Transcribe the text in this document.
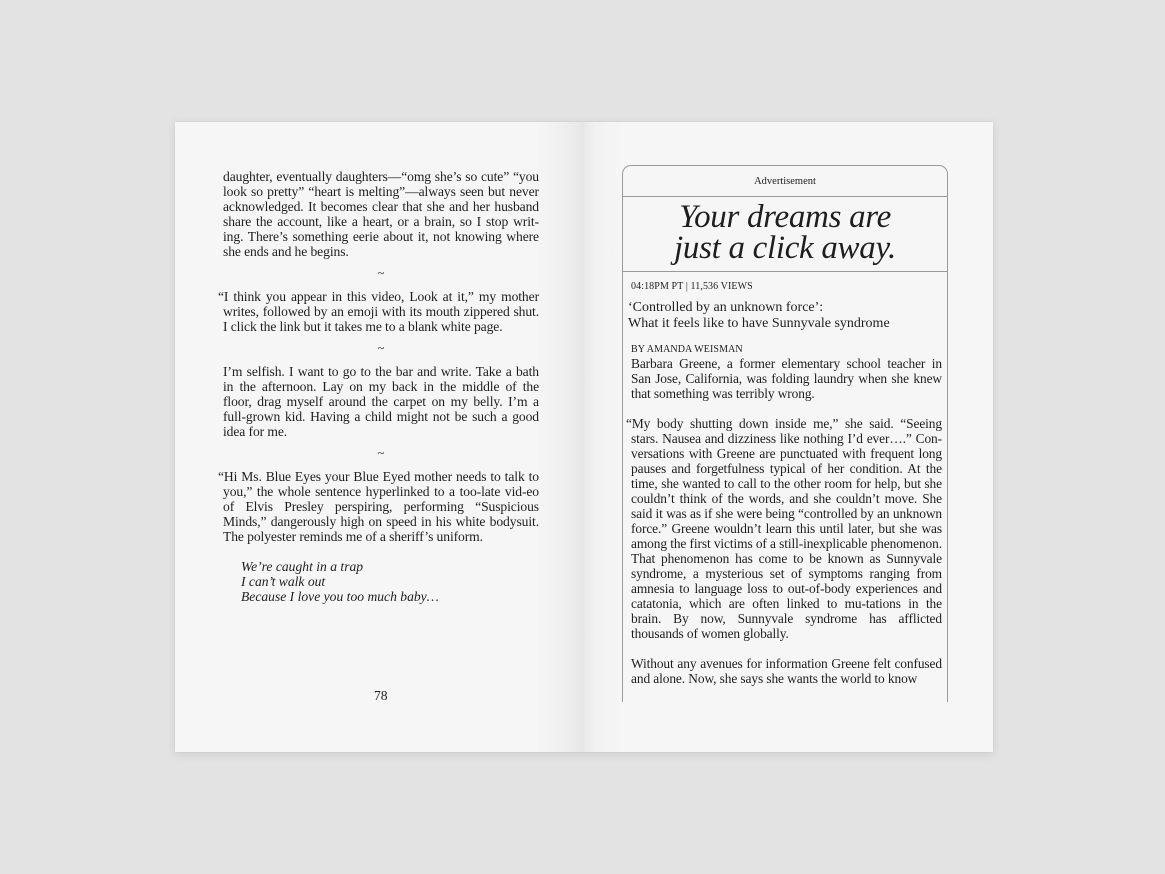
daughter, eventually daughters—“omg she’s so cute” “you look so pretty” “heart is melting”—always seen but never acknowledged. It becomes clear that she and her husband share the account, like a heart, or a brain, so I stop writ-ing. There’s something eerie about it, not knowing where she ends and he begins.

~

“I think you appear in this video, Look at it,” my mother writes, followed by an emoji with its mouth zippered shut. I click the link but it takes me to a blank white page.

~

I’m selfish. I want to go to the bar and write. Take a bath in the afternoon. Lay on my back in the middle of the floor, drag myself around the carpet on my belly. I’m a full-grown kid. Having a child might not be such a good idea for me.

~

“Hi Ms. Blue Eyes your Blue Eyed mother needs to talk to you,” the whole sentence hyperlinked to a too-late vid-eo of Elvis Presley perspiring, performing “Suspicious Minds,” dangerously high on speed in his white bodysuit. The polyester reminds me of a sheriff’s uniform.

We’re caught in a trap
I can’t walk out
Because I love you too much baby…
78
Advertisement
Your dreams are
just a click away.
04:18PM PT | 11,536 VIEWS
‘Controlled by an unknown force’:
What it feels like to have Sunnyvale syndrome
BY AMANDA WEISMAN

Barbara Greene, a former elementary school teacher in San Jose, California, was folding laundry when she knew that something was terribly wrong.

“My body shutting down inside me,” she said. “Seeing stars. Nausea and dizziness like nothing I’d ever….” Con-versations with Greene are punctuated with frequent long pauses and forgetfulness typical of her condition. At the time, she wanted to call to the other room for help, but she couldn’t think of the words, and she couldn’t move. She said it was as if she were being “controlled by an unknown force.” Greene wouldn’t learn this until later, but she was among the first victims of a still-inexplicable phenomenon. That phenomenon has come to be known as Sunnyvale syndrome, a mysterious set of symptoms ranging from amnesia to language loss to out-of-body experiences and catatonia, which are often linked to mu-tations in the brain. By now, Sunnyvale syndrome has afflicted thousands of women globally.

Without any avenues for information Greene felt confused and alone. Now, she says she wants the world to know
